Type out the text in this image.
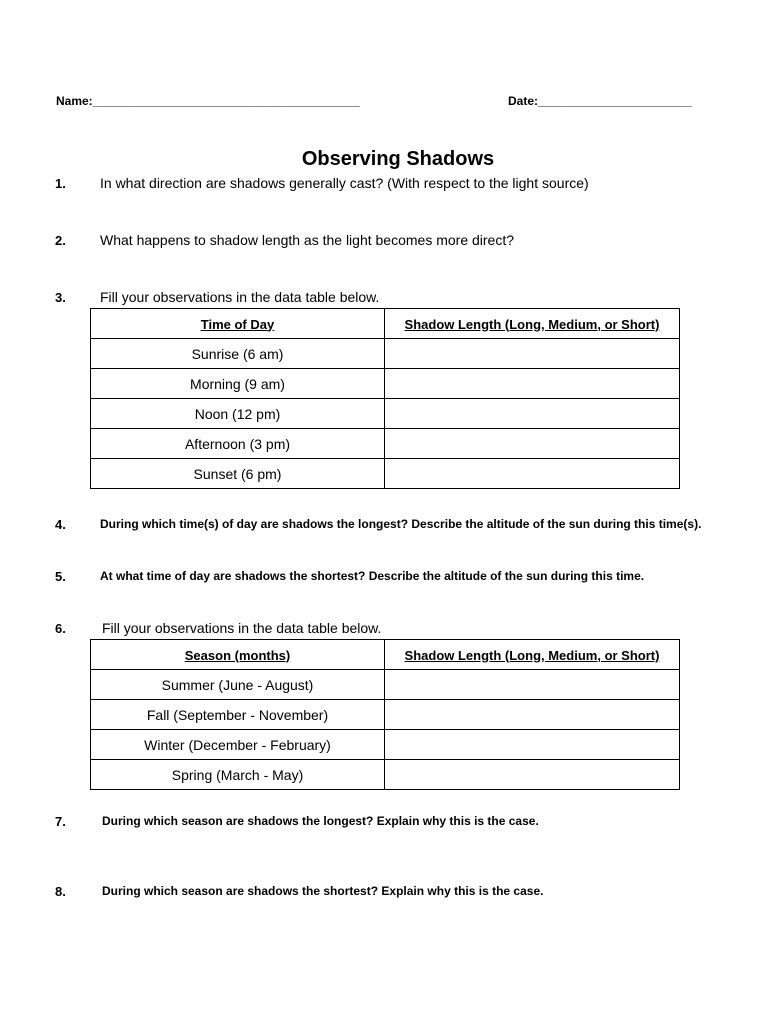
Name:________________________________________	Date:_______________________
Observing Shadows
1.	In what direction are shadows generally cast? (With respect to the light source)
2.	What happens to shadow length as the light becomes more direct?
3.	Fill your observations in the data table below.
Time of Day	Shadow Length (Long, Medium, or Short)
Sunrise (6 am)	
Morning (9 am)	
Noon (12 pm)	
Afternoon (3 pm)	
Sunset (6 pm)	
4.	During which time(s) of day are shadows the longest? Describe the altitude of the sun during this time(s).
5.	At what time of day are shadows the shortest? Describe the altitude of the sun during this time.
6.	Fill your observations in the data table below.
Season (months)	Shadow Length (Long, Medium, or Short)
Summer (June - August)	
Fall (September - November)	
Winter (December - February)	
Spring (March - May)	
7.	During which season are shadows the longest? Explain why this is the case.
8.	During which season are shadows the shortest? Explain why this is the case.
